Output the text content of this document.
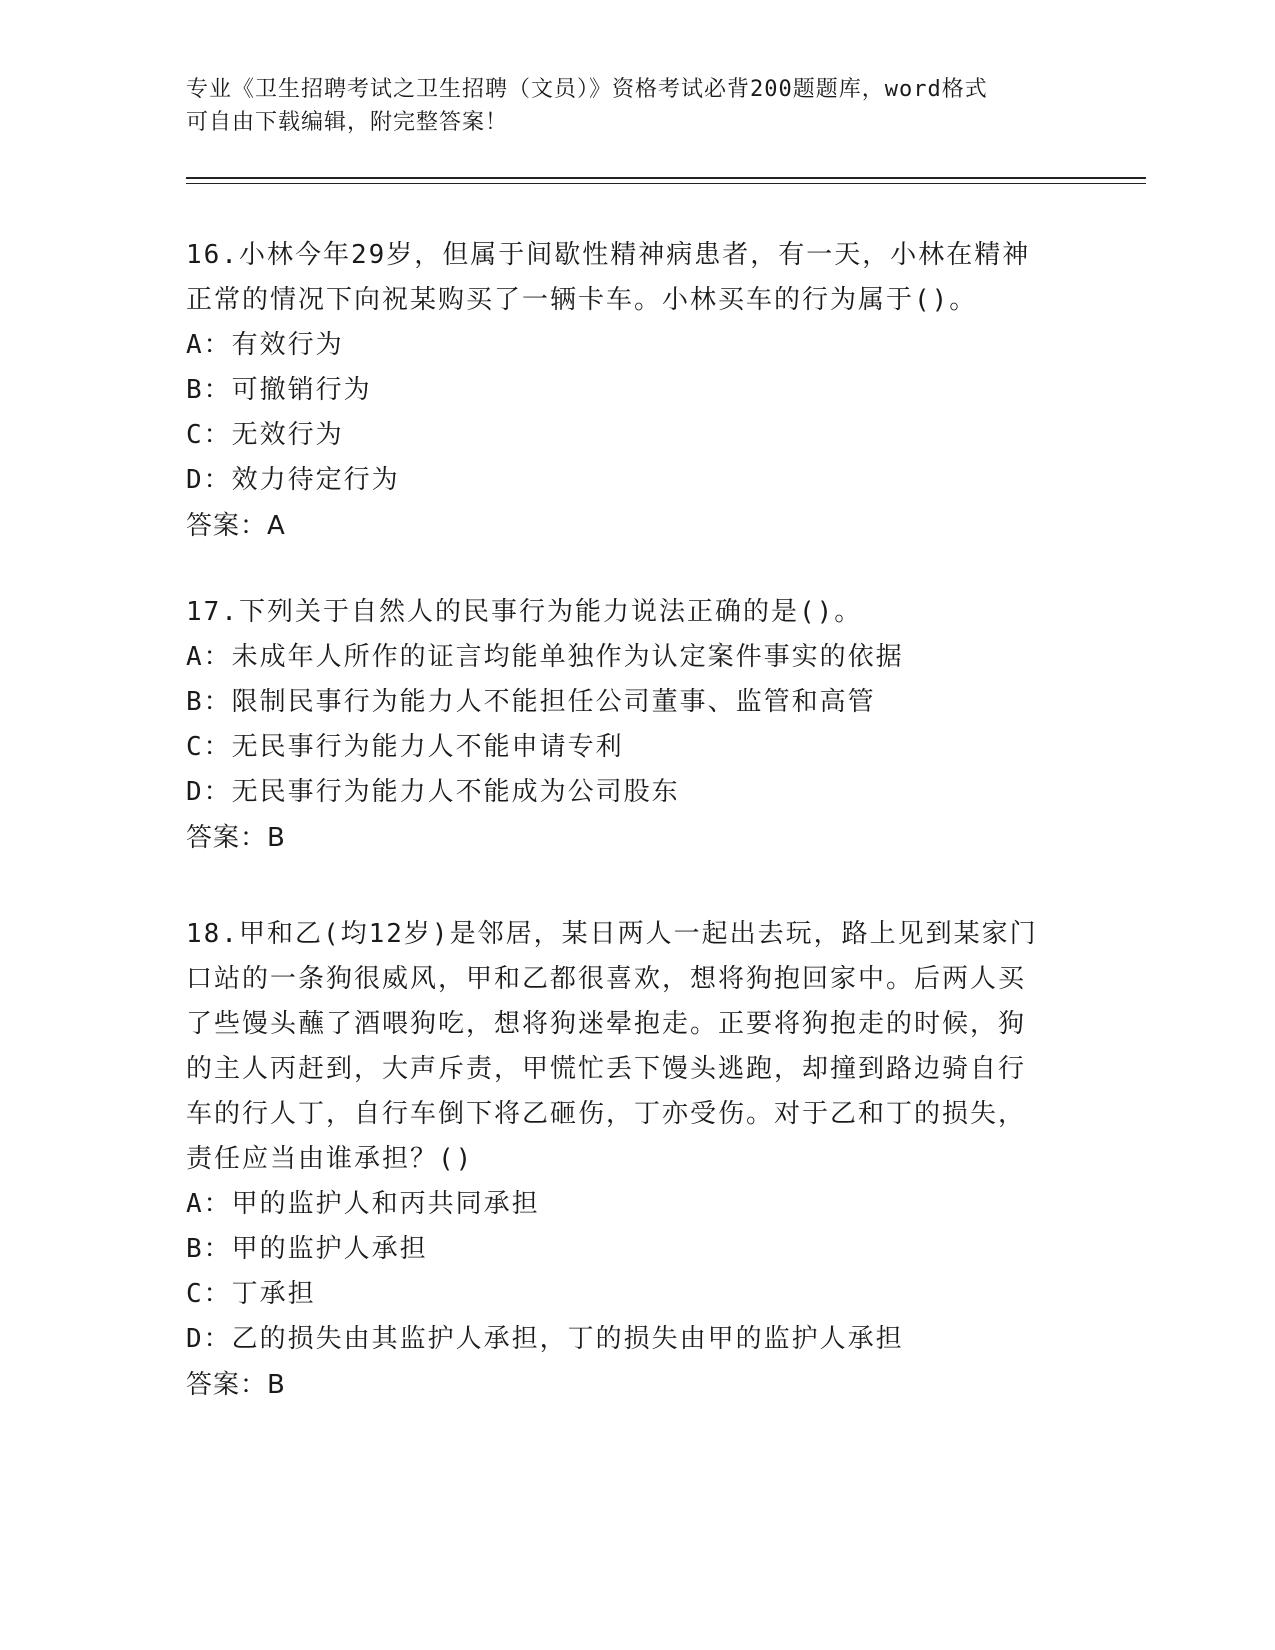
专业《卫生招聘考试之卫生招聘（文员）》资格考试必背200题题库，word格式
可自由下载编辑，附完整答案！
16.小林今年29岁，但属于间歇性精神病患者，有一天，小林在精神
正常的情况下向祝某购买了一辆卡车。小林买车的行为属于()。
A：有效行为
B：可撤销行为
C：无效行为
D：效力待定行为
答案：A
17.下列关于自然人的民事行为能力说法正确的是()。
A：未成年人所作的证言均能单独作为认定案件事实的依据
B：限制民事行为能力人不能担任公司董事、监管和高管
C：无民事行为能力人不能申请专利
D：无民事行为能力人不能成为公司股东
答案：B
18.甲和乙(均12岁)是邻居，某日两人一起出去玩，路上见到某家门
口站的一条狗很威风，甲和乙都很喜欢，想将狗抱回家中。后两人买
了些馒头蘸了酒喂狗吃，想将狗迷晕抱走。正要将狗抱走的时候，狗
的主人丙赶到，大声斥责，甲慌忙丢下馒头逃跑，却撞到路边骑自行
车的行人丁，自行车倒下将乙砸伤，丁亦受伤。对于乙和丁的损失，
责任应当由谁承担？()
A：甲的监护人和丙共同承担
B：甲的监护人承担
C：丁承担
D：乙的损失由其监护人承担，丁的损失由甲的监护人承担
答案：B
